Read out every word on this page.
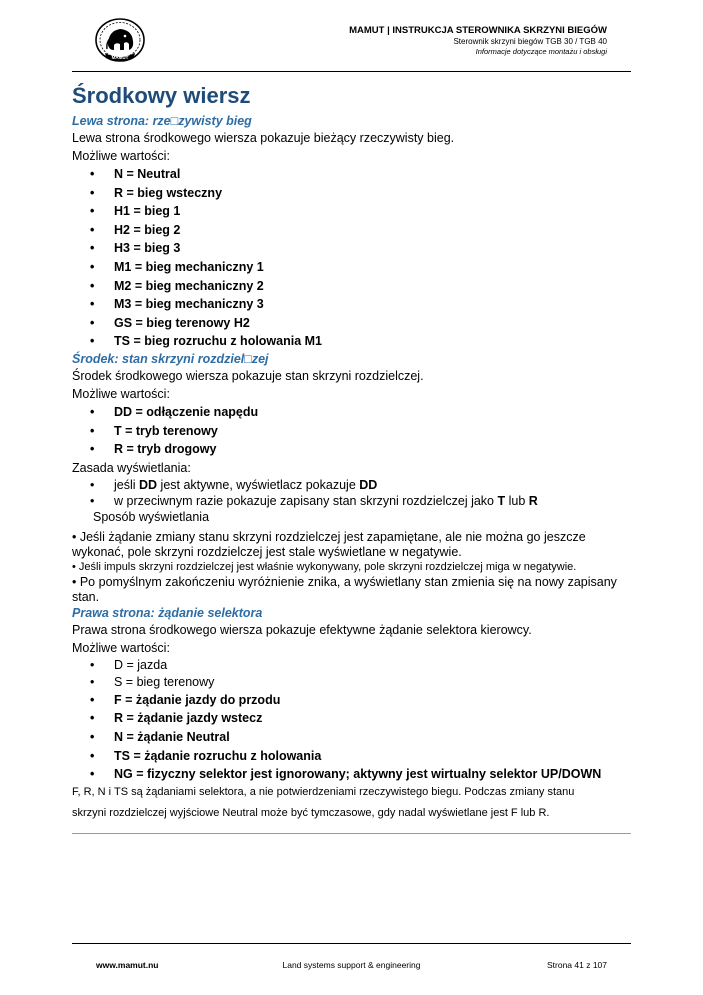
MAMUT
MAMUT | INSTRUKCJA STEROWNIKA SKRZYNI BIEGÓW
Sterownik skrzyni biegów TGB 30 / TGB 40
Informacje dotyczące montażu i obsługi
Środkowy wiersz
Lewa strona: rze□zywisty bieg
Lewa strona środkowego wiersza pokazuje bieżący rzeczywisty bieg.
Możliwe wartości:
• N = Neutral
• R = bieg wsteczny
• H1 = bieg 1
• H2 = bieg 2
• H3 = bieg 3
• M1 = bieg mechaniczny 1
• M2 = bieg mechaniczny 2
• M3 = bieg mechaniczny 3
• GS = bieg terenowy H2
• TS = bieg rozruchu z holowania M1
Środek: stan skrzyni rozdziel□zej
Środek środkowego wiersza pokazuje stan skrzyni rozdzielczej.
Możliwe wartości:
• DD = odłączenie napędu
• T = tryb terenowy
• R = tryb drogowy
Zasada wyświetlania:
• jeśli DD jest aktywne, wyświetlacz pokazuje DD
• w przeciwnym razie pokazuje zapisany stan skrzyni rozdzielczej jako T lub R
Sposób wyświetlania
• Jeśli żądanie zmiany stanu skrzyni rozdzielczej jest zapamiętane, ale nie można go jeszcze wykonać, pole skrzyni rozdzielczej jest stale wyświetlane w negatywie.
• Jeśli impuls skrzyni rozdzielczej jest właśnie wykonywany, pole skrzyni rozdzielczej miga w negatywie.
• Po pomyślnym zakończeniu wyróżnienie znika, a wyświetlany stan zmienia się na nowy zapisany stan.
Prawa strona: żądanie selektora
Prawa strona środkowego wiersza pokazuje efektywne żądanie selektora kierowcy.
Możliwe wartości:
• D = jazda
• S = bieg terenowy
• F = żądanie jazdy do przodu
• R = żądanie jazdy wstecz
• N = żądanie Neutral
• TS = żądanie rozruchu z holowania
• NG = fizyczny selektor jest ignorowany; aktywny jest wirtualny selektor UP/DOWN
F, R, N i TS są żądaniami selektora, a nie potwierdzeniami rzeczywistego biegu. Podczas zmiany stanu
skrzyni rozdzielczej wyjściowe Neutral może być tymczasowe, gdy nadal wyświetlane jest F lub R.
www.mamut.nu	Land systems support & engineering	Strona 41 z 107
